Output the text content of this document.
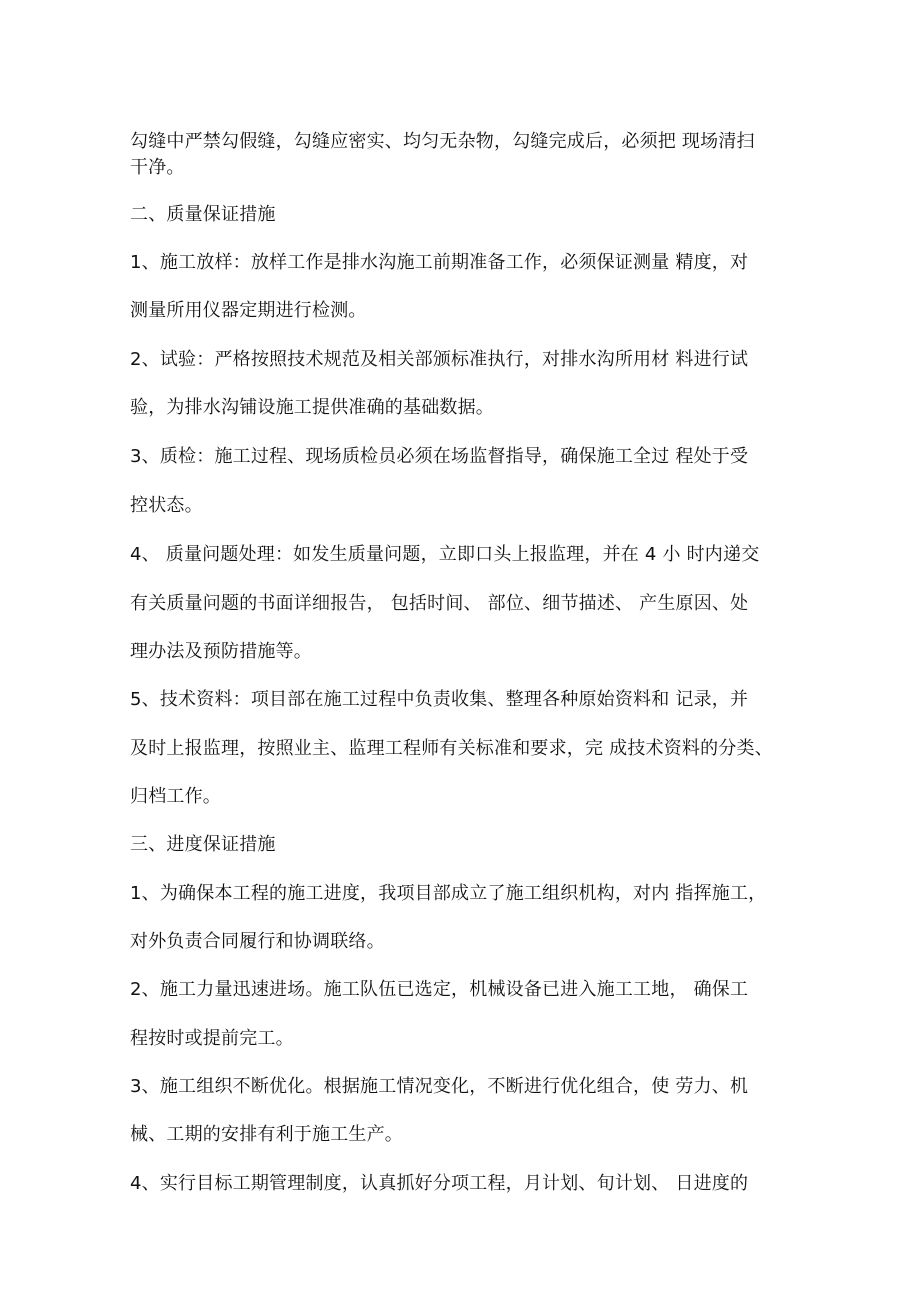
勾缝中严禁勾假缝，勾缝应密实、均匀无杂物，勾缝完成后，必须把 现场清扫
干净。
二、质量保证措施
1、施工放样：放样工作是排水沟施工前期准备工作，必须保证测量 精度，对
测量所用仪器定期进行检测。
2、试验：严格按照技术规范及相关部颁标准执行，对排水沟所用材 料进行试
验，为排水沟铺设施工提供准确的基础数据。
3、质检：施工过程、现场质检员必须在场监督指导，确保施工全过 程处于受
控状态。
4、 质量问题处理：如发生质量问题，立即口头上报监理，并在 4 小 时内递交
有关质量问题的书面详细报告， 包括时间、 部位、细节描述、 产生原因、处
理办法及预防措施等。
5、技术资料：项目部在施工过程中负责收集、整理各种原始资料和 记录，并
及时上报监理，按照业主、监理工程师有关标准和要求，完 成技术资料的分类、
归档工作。
三、进度保证措施
1、为确保本工程的施工进度，我项目部成立了施工组织机构，对内 指挥施工，
对外负责合同履行和协调联络。
2、施工力量迅速进场。施工队伍已选定，机械设备已进入施工工地， 确保工
程按时或提前完工。
3、施工组织不断优化。根据施工情况变化，不断进行优化组合，使 劳力、机
械、工期的安排有利于施工生产。
4、实行目标工期管理制度，认真抓好分项工程，月计划、旬计划、 日进度的
